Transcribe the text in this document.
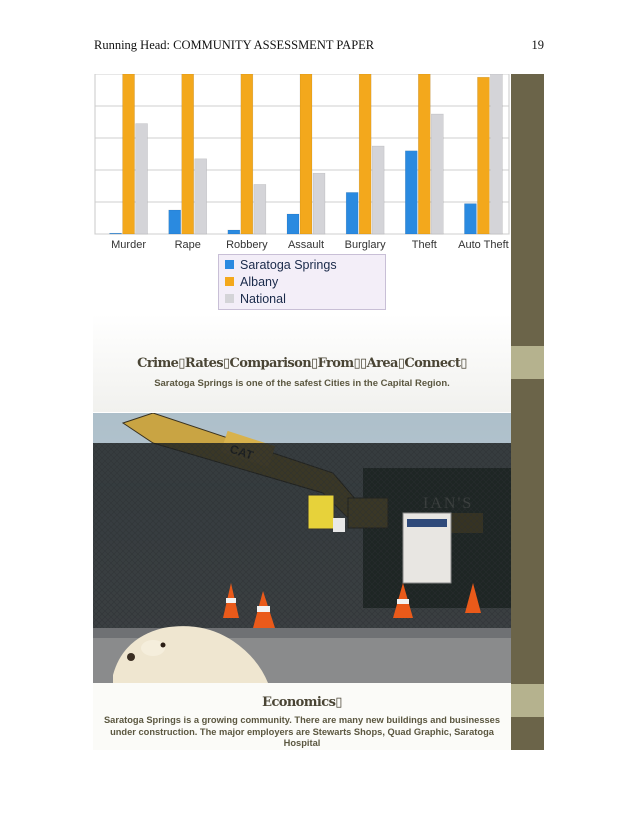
Running Head: COMMUNITY ASSESSMENT PAPER	19
Murder	Rape Robbery Assault Burglary Theft Auto Theft
Saratoga Springs
Albany
National
Crime▯Rates▯Comparison▯From▯▯Area▯Connect▯
Saratoga Springs is one of the safest Cities in the Capital Region.
Economics▯
Saratoga Springs is a growing community. There are many new buildings and businesses under construction. The major employers are Stewarts Shops, Quad Graphic, Saratoga Hospital
